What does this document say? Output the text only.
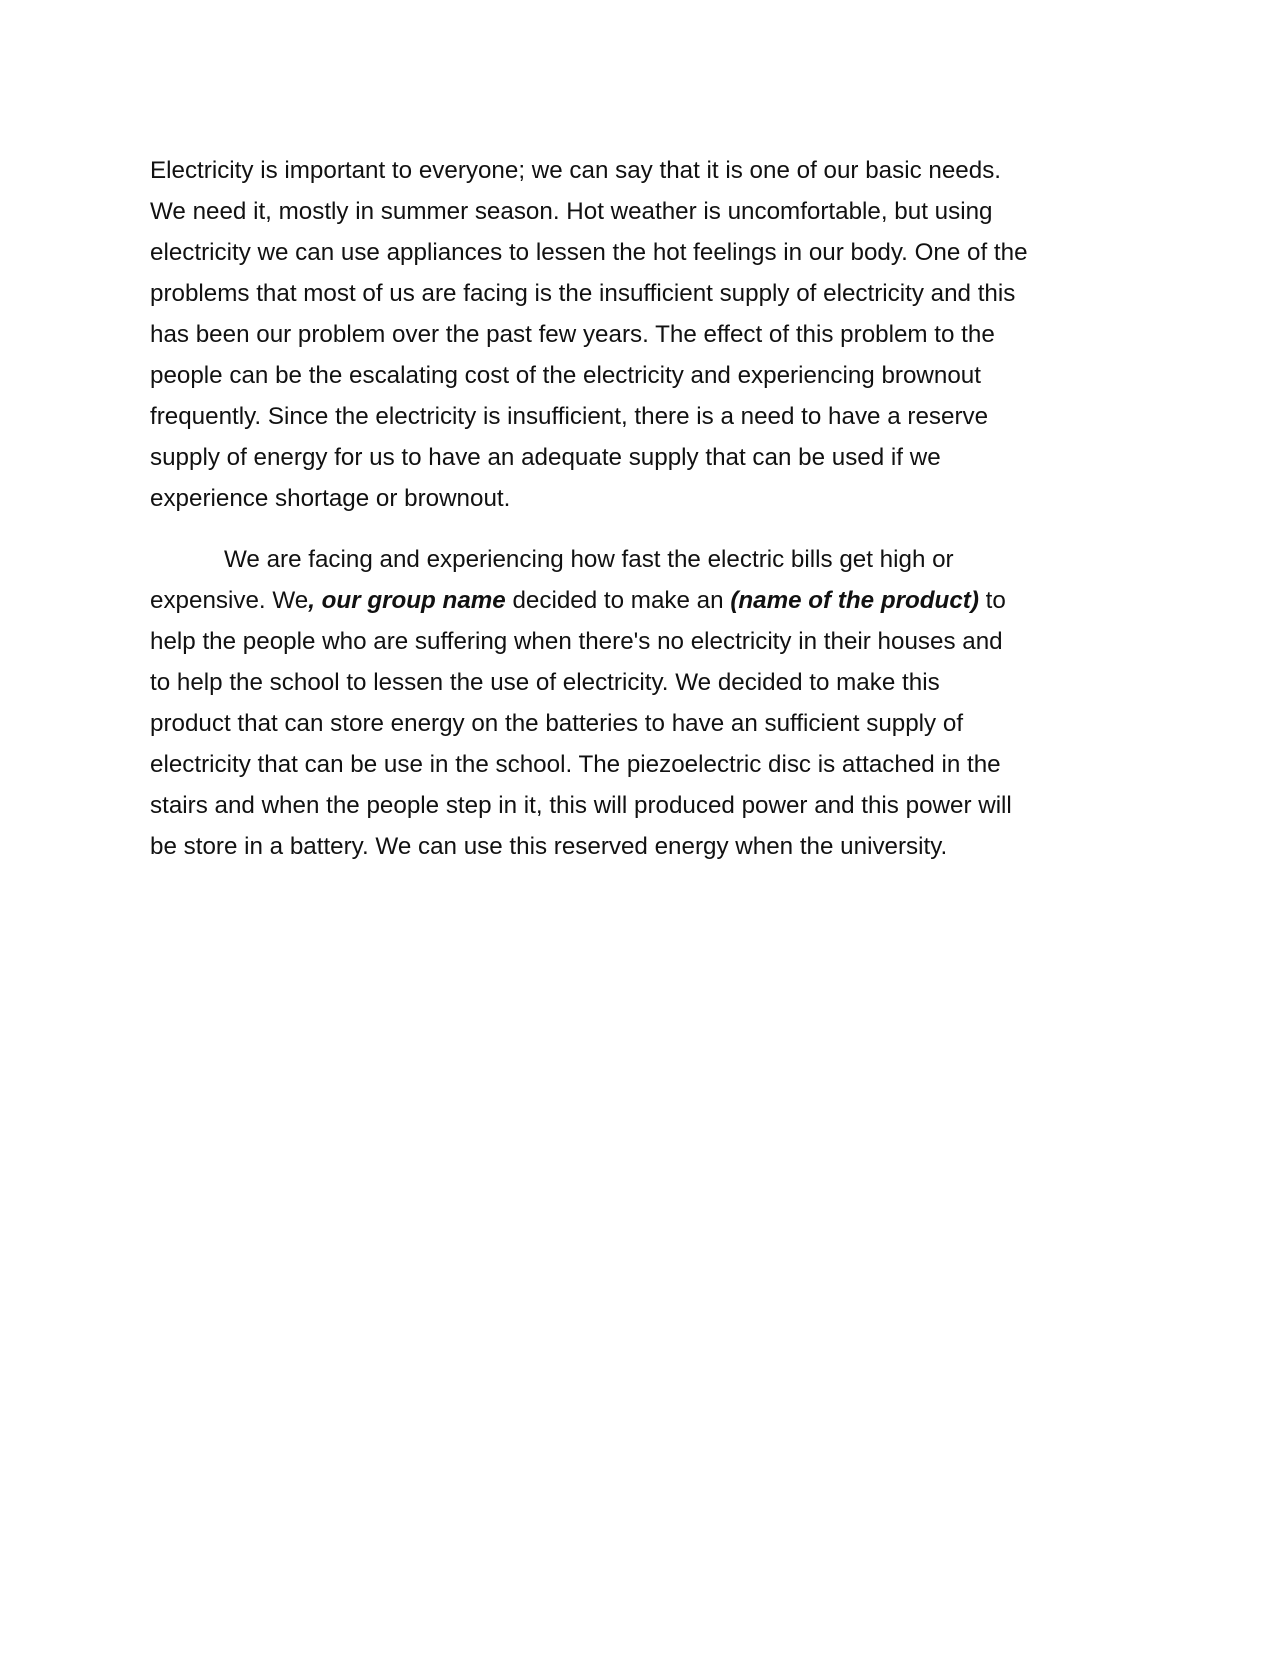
Electricity is important to everyone; we can say that it is one of our basic needs.
We need it, mostly in summer season. Hot weather is uncomfortable, but using
electricity we can use appliances to lessen the hot feelings in our body. One of the
problems that most of us are facing is the insufficient supply of electricity and this
has been our problem over the past few years. The effect of this problem to the
people can be the escalating cost of the electricity and experiencing brownout
frequently. Since the electricity is insufficient, there is a need to have a reserve
supply of energy for us to have an adequate supply that can be used if we
experience shortage or brownout.

We are facing and experiencing how fast the electric bills get high or
expensive. We, our group name decided to make an (name of the product) to
help the people who are suffering when there's no electricity in their houses and
to help the school to lessen the use of electricity. We decided to make this
product that can store energy on the batteries to have an sufficient supply of
electricity that can be use in the school. The piezoelectric disc is attached in the
stairs and when the people step in it, this will produced power and this power will
be store in a battery. We can use this reserved energy when the university.
